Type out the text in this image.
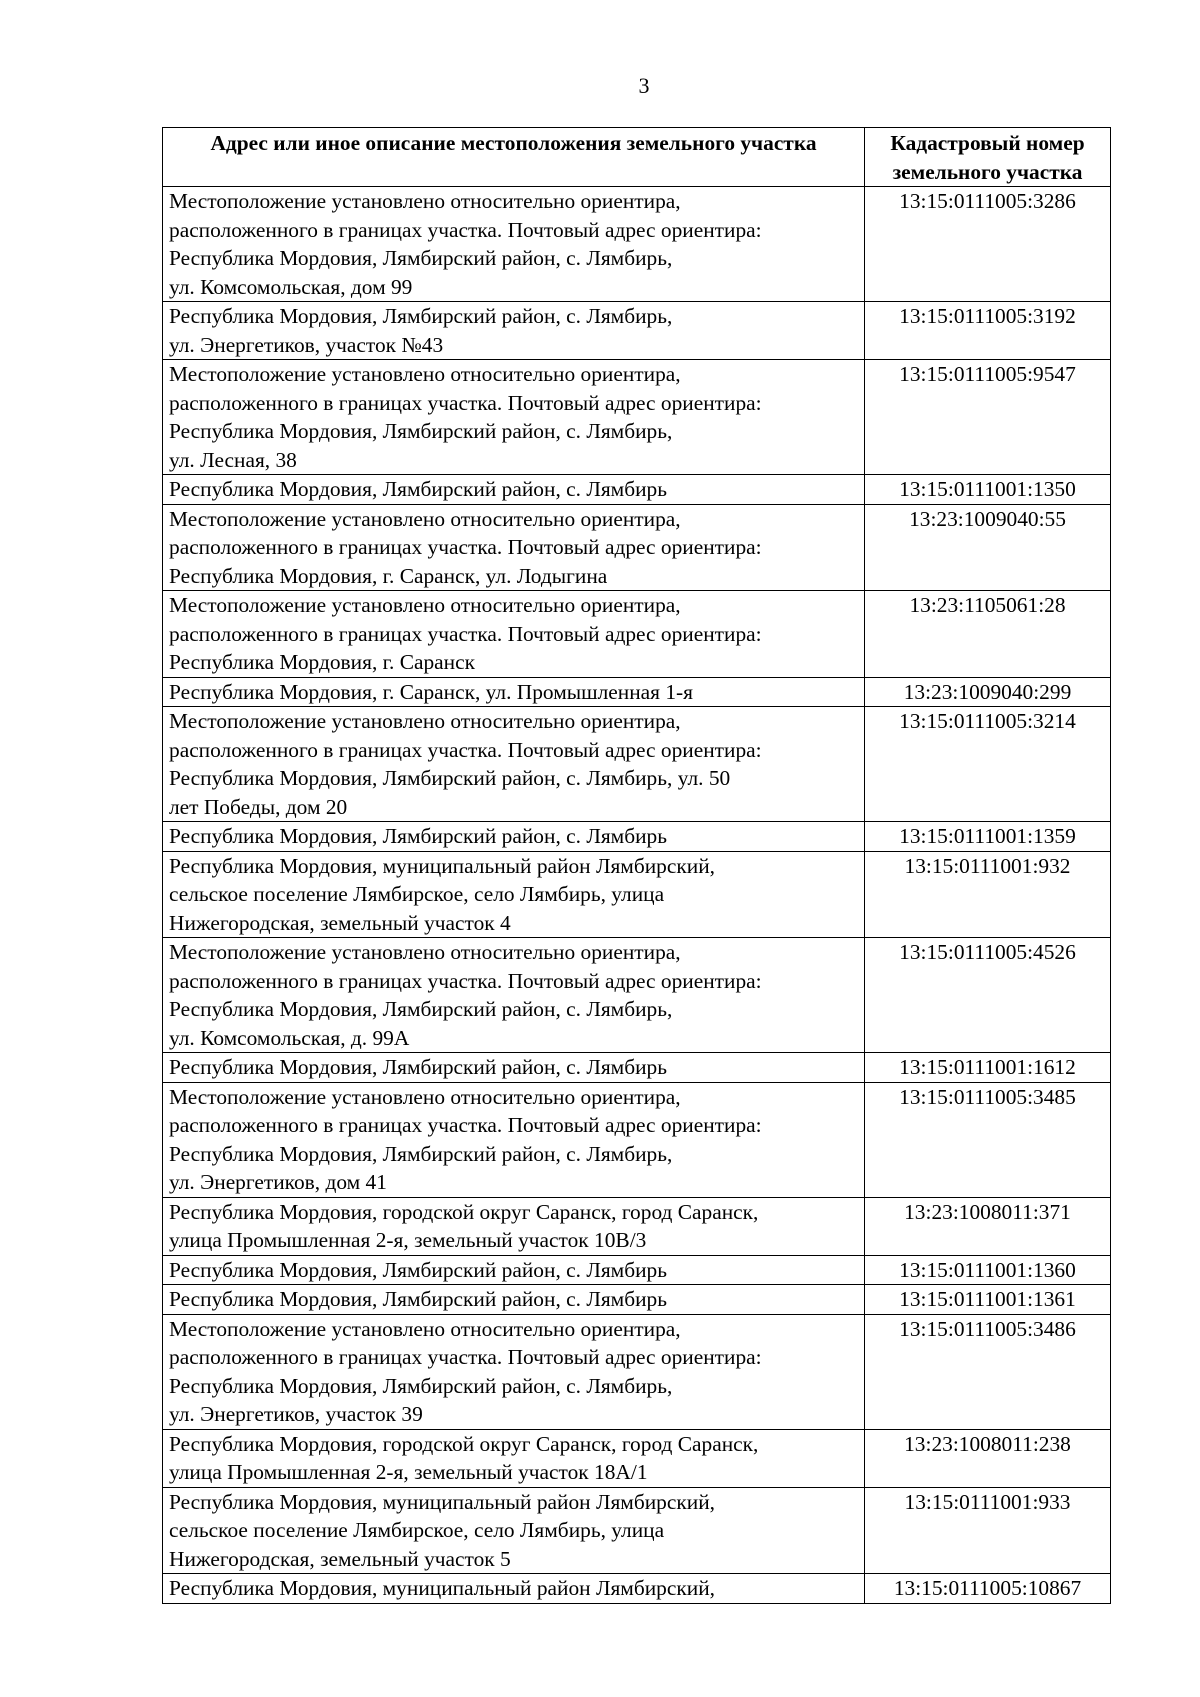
3
Адрес или иное описание местоположения земельного участка	Кадастровый номер земельного участка
Местоположение установлено относительно ориентира,
расположенного в границах участка. Почтовый адрес ориентира:
Республика Мордовия, Лямбирский район, с. Лямбирь,
ул. Комсомольская, дом 99	13:15:0111005:3286
Республика Мордовия, Лямбирский район, с. Лямбирь,
ул. Энергетиков, участок №43	13:15:0111005:3192
Местоположение установлено относительно ориентира,
расположенного в границах участка. Почтовый адрес ориентира:
Республика Мордовия, Лямбирский район, с. Лямбирь,
ул. Лесная, 38	13:15:0111005:9547
Республика Мордовия, Лямбирский район, с. Лямбирь	13:15:0111001:1350
Местоположение установлено относительно ориентира,
расположенного в границах участка. Почтовый адрес ориентира:
Республика Мордовия, г. Саранск, ул. Лодыгина	13:23:1009040:55
Местоположение установлено относительно ориентира,
расположенного в границах участка. Почтовый адрес ориентира:
Республика Мордовия, г. Саранск	13:23:1105061:28
Республика Мордовия, г. Саранск, ул. Промышленная 1-я	13:23:1009040:299
Местоположение установлено относительно ориентира,
расположенного в границах участка. Почтовый адрес ориентира:
Республика Мордовия, Лямбирский район, с. Лямбирь, ул. 50
лет Победы, дом 20	13:15:0111005:3214
Республика Мордовия, Лямбирский район, с. Лямбирь	13:15:0111001:1359
Республика Мордовия, муниципальный район Лямбирский,
сельское поселение Лямбирское, село Лямбирь, улица
Нижегородская, земельный участок 4	13:15:0111001:932
Местоположение установлено относительно ориентира,
расположенного в границах участка. Почтовый адрес ориентира:
Республика Мордовия, Лямбирский район, с. Лямбирь,
ул. Комсомольская, д. 99А	13:15:0111005:4526
Республика Мордовия, Лямбирский район, с. Лямбирь	13:15:0111001:1612
Местоположение установлено относительно ориентира,
расположенного в границах участка. Почтовый адрес ориентира:
Республика Мордовия, Лямбирский район, с. Лямбирь,
ул. Энергетиков, дом 41	13:15:0111005:3485
Республика Мордовия, городской округ Саранск, город Саранск,
улица Промышленная 2-я, земельный участок 10В/3	13:23:1008011:371
Республика Мордовия, Лямбирский район, с. Лямбирь	13:15:0111001:1360
Республика Мордовия, Лямбирский район, с. Лямбирь	13:15:0111001:1361
Местоположение установлено относительно ориентира,
расположенного в границах участка. Почтовый адрес ориентира:
Республика Мордовия, Лямбирский район, с. Лямбирь,
ул. Энергетиков, участок 39	13:15:0111005:3486
Республика Мордовия, городской округ Саранск, город Саранск,
улица Промышленная 2-я, земельный участок 18А/1	13:23:1008011:238
Республика Мордовия, муниципальный район Лямбирский,
сельское поселение Лямбирское, село Лямбирь, улица
Нижегородская, земельный участок 5	13:15:0111001:933
Республика Мордовия, муниципальный район Лямбирский,	13:15:0111005:10867
